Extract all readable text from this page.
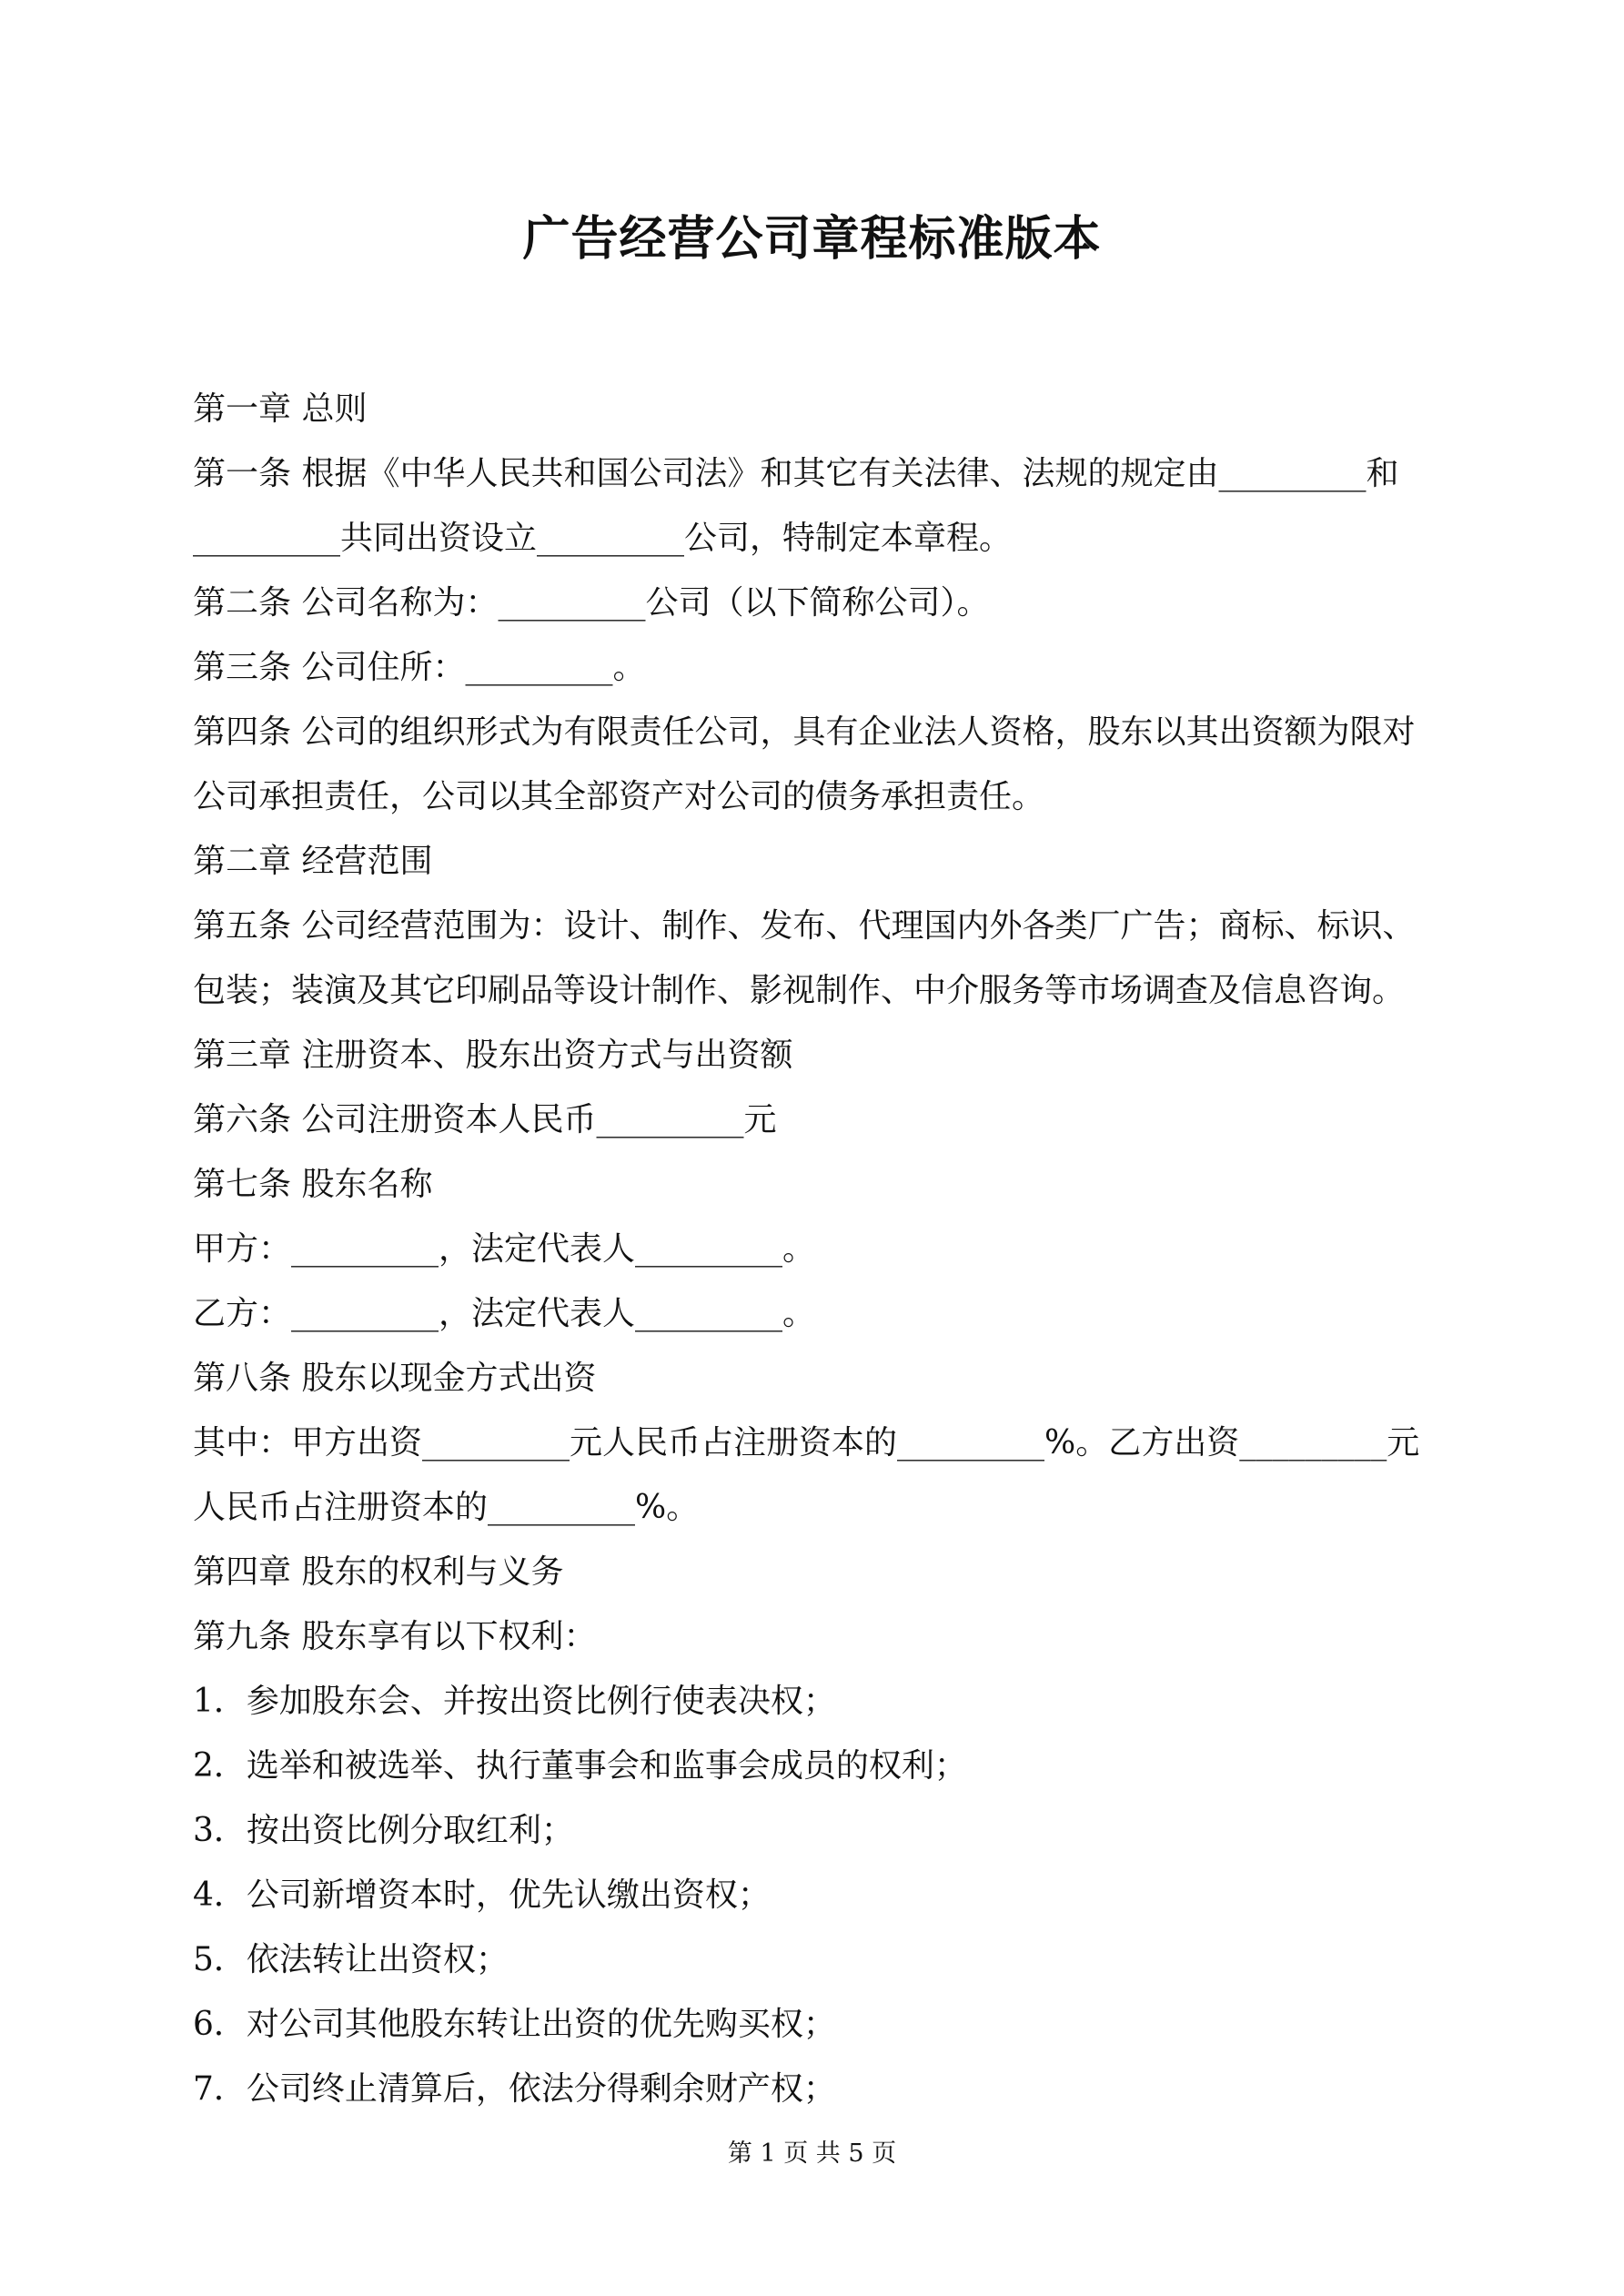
广告经营公司章程标准版本
第一章 总则
第一条 根据《中华人民共和国公司法》和其它有关法律、法规的规定由_________和
_________共同出资设立_________公司，特制定本章程。
第二条 公司名称为：_________公司（以下简称公司）。
第三条 公司住所：_________。
第四条 公司的组织形式为有限责任公司，具有企业法人资格，股东以其出资额为限对
公司承担责任，公司以其全部资产对公司的债务承担责任。
第二章 经营范围
第五条 公司经营范围为：设计、制作、发布、代理国内外各类厂广告；商标、标识、
包装；装演及其它印刷品等设计制作、影视制作、中介服务等市场调查及信息咨询。
第三章 注册资本、股东出资方式与出资额
第六条 公司注册资本人民币_________元
第七条 股东名称
甲方：_________，法定代表人_________。
乙方：_________，法定代表人_________。
第八条 股东以现金方式出资
其中：甲方出资_________元人民币占注册资本的_________%。乙方出资_________元
人民币占注册资本的_________%。
第四章 股东的权利与义务
第九条 股东享有以下权利：
1．参加股东会、并按出资比例行使表决权；
2．选举和被选举、执行董事会和监事会成员的权利；
3．按出资比例分取红利；
4．公司新增资本时，优先认缴出资权；
5．依法转让出资权；
6．对公司其他股东转让出资的优先购买权；
7．公司终止清算后，依法分得剩余财产权；
第 1 页 共 5 页
